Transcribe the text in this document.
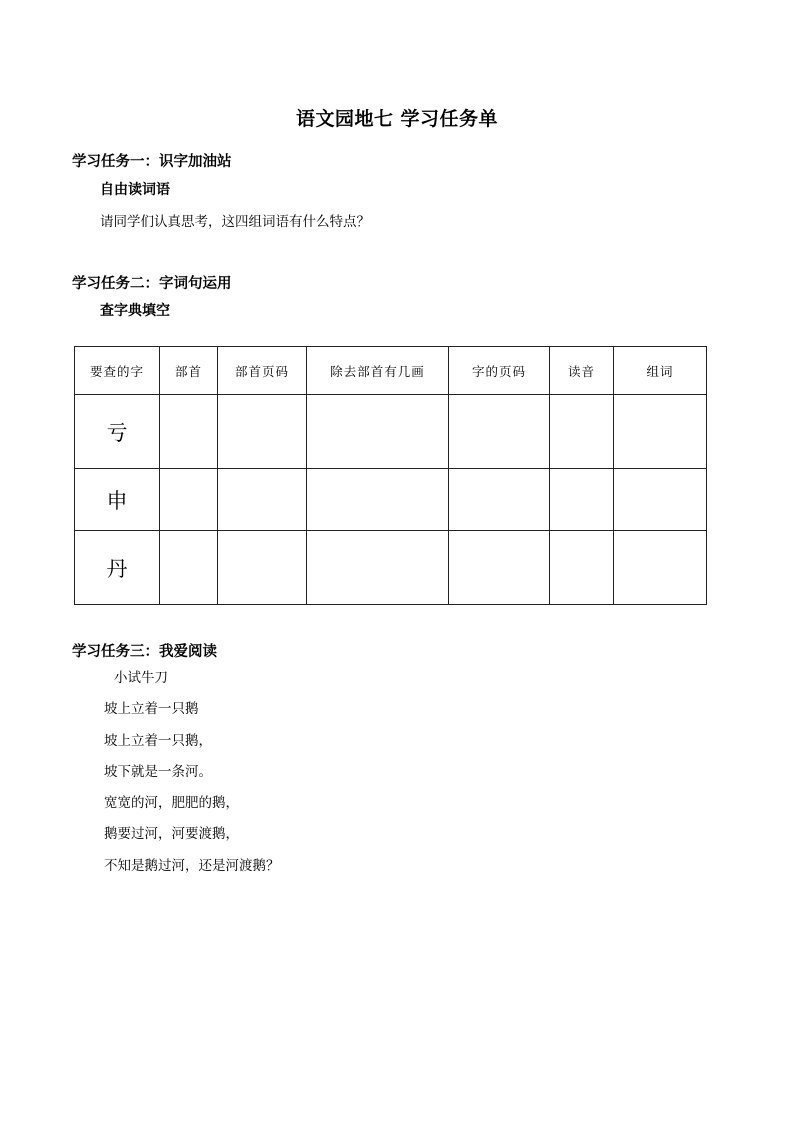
语文园地七 学习任务单
学习任务一：识字加油站
自由读词语
请同学们认真思考，这四组词语有什么特点？
学习任务二：字词句运用
查字典填空
要查的字	部首	部首页码	除去部首有几画	字的页码	读音	组词
亏						
申						
丹						
学习任务三：我爱阅读
小试牛刀
坡上立着一只鹅
坡上立着一只鹅，
坡下就是一条河。
宽宽的河，肥肥的鹅，
鹅要过河，河要渡鹅，
不知是鹅过河，还是河渡鹅？
